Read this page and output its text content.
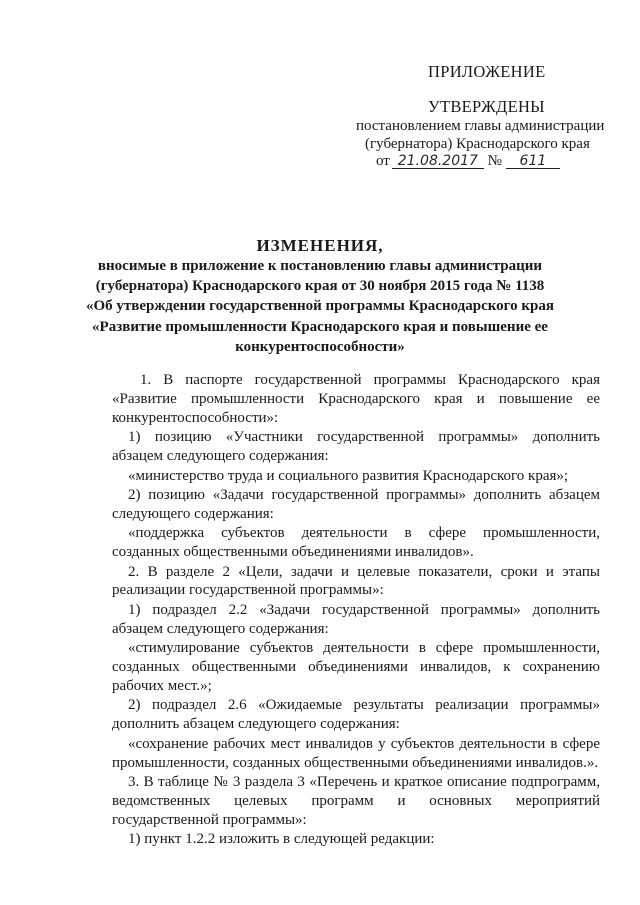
ПРИЛОЖЕНИЕ
УТВЕРЖДЕНЫ
постановлением главы администрации
(губернатора) Краснодарского края
от 21.08.2017 № 611
ИЗМЕНЕНИЯ,
вносимые в приложение к постановлению главы администрации
(губернатора) Краснодарского края от 30 ноября 2015 года № 1138
«Об утверждении государственной программы Краснодарского края
«Развитие промышленности Краснодарского края и повышение ее
конкурентоспособности»

1. В паспорте государственной программы Краснодарского края «Развитие промышленности Краснодарского края и повышение ее конкурентоспособности»:

1) позицию «Участники государственной программы» дополнить абзацем следующего содержания:

«министерство труда и социального развития Краснодарского края»;

2) позицию «Задачи государственной программы» дополнить абзацем следующего содержания:

«поддержка субъектов деятельности в сфере промышленности, созданных общественными объединениями инвалидов».

2. В разделе 2 «Цели, задачи и целевые показатели, сроки и этапы реализации государственной программы»:

1) подраздел 2.2 «Задачи государственной программы» дополнить абзацем следующего содержания:

«стимулирование субъектов деятельности в сфере промышленности, созданных общественными объединениями инвалидов, к сохранению рабочих мест.»;

2) подраздел 2.6 «Ожидаемые результаты реализации программы» дополнить абзацем следующего содержания:

«сохранение рабочих мест инвалидов у субъектов деятельности в сфере промышленности, созданных общественными объединениями инвалидов.».

3. В таблице № 3 раздела 3 «Перечень и краткое описание подпрограмм, ведомственных целевых программ и основных мероприятий государственной программы»:

1) пункт 1.2.2 изложить в следующей редакции:
